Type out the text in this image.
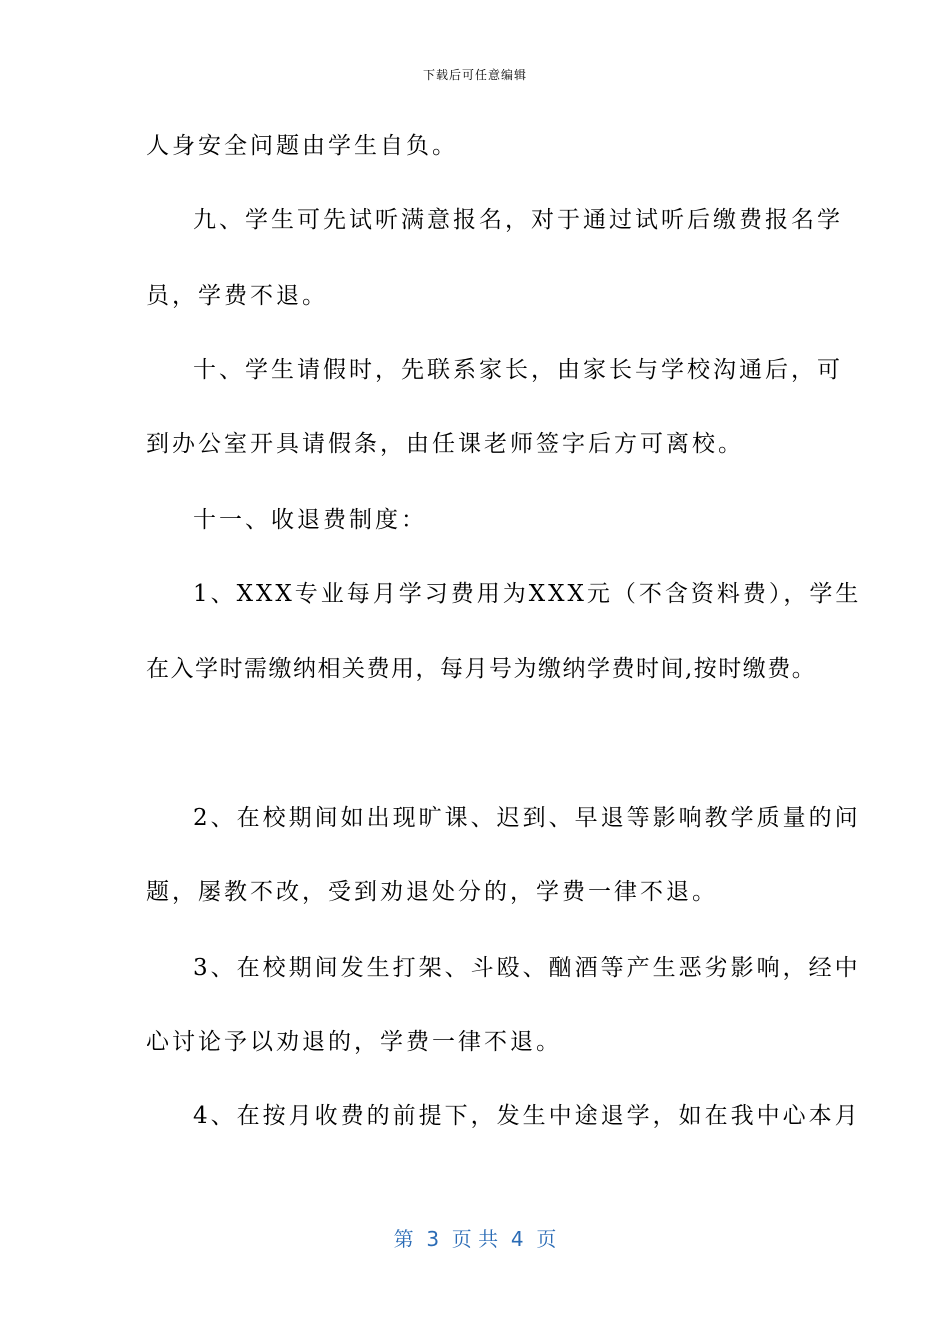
下载后可任意编辑
人身安全问题由学生自负。
九、学生可先试听满意报名，对于通过试听后缴费报名学
员，学费不退。
十、学生请假时，先联系家长，由家长与学校沟通后，可
到办公室开具请假条，由任课老师签字后方可离校。
十一、收退费制度：
1、XXX专业每月学习费用为XXX元（不含资料费），学生
在入学时需缴纳相关费用，每月号为缴纳学费时间,按时缴费。
2、在校期间如出现旷课、迟到、早退等影响教学质量的问
题，屡教不改，受到劝退处分的，学费一律不退。
3、在校期间发生打架、斗殴、酗酒等产生恶劣影响，经中
心讨论予以劝退的，学费一律不退。
4、在按月收费的前提下，发生中途退学，如在我中心本月
第  3  页 共  4  页
